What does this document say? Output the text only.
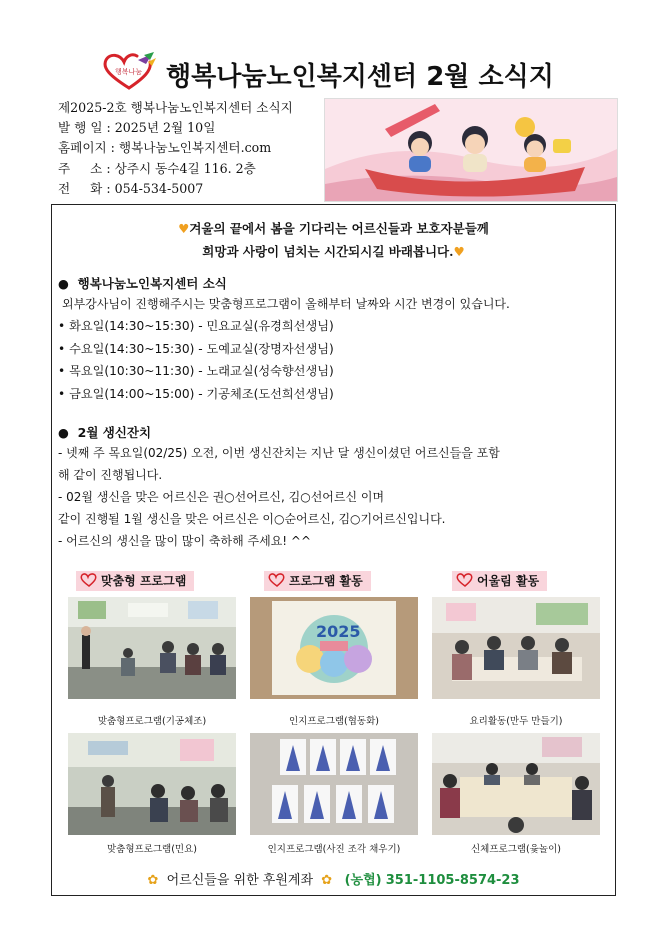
행복나눔 행복나눔노인복지센터 2월 소식지
제2025-2호 행복나눔노인복지센터 소식지
발 행 일 : 2025년 2월 10일
홈페이지 : 행복나눔노인복지센터.com
주     소 : 상주시 동수4길 116. 2층
전     화 : 054-534-5007
♥겨울의 끝에서 봄을 기다리는 어르신들과 보호자분들께
희망과 사랑이 넘치는 시간되시길 바래봅니다.♥
●  행복나눔노인복지센터 소식
외부강사님이 진행해주시는 맞춤형프로그램이 올해부터 날짜와 시간 변경이 있습니다.
• 화요일(14:30~15:30) - 민요교실(유경희선생님)
• 수요일(14:30~15:30) - 도예교실(장명자선생님)
• 목요일(10:30~11:30) - 노래교실(성숙향선생님)
• 금요일(14:00~15:00) - 기공체조(도선희선생님)
●  2월 생신잔치
- 넷째 주 목요일(02/25) 오전, 이번 생신잔치는 지난 달 생신이셨던 어르신들을 포함
해 같이 진행됩니다.
- 02월 생신을 맞은 어르신은 권○선어르신, 김○선어르신 이며
같이 진행될 1월 생신을 맞은 어르신은 이○순어르신, 김○기어르신입니다.
- 어르신의 생신을 많이 많이 축하해 주세요! ^^
맞춤형 프로그램	프로그램 활동	어울림 활동
2025
맞춤형프로그램(기공체조)	인지프로그램(협동화)	요리활동(만두 만들기)
맞춤형프로그램(민요)	인지프로그램(사진 조각 채우기)	신체프로그램(윷놀이)
✿ 어르신들을 위한 후원계좌 ✿ (농협) 351-1105-8574-23
